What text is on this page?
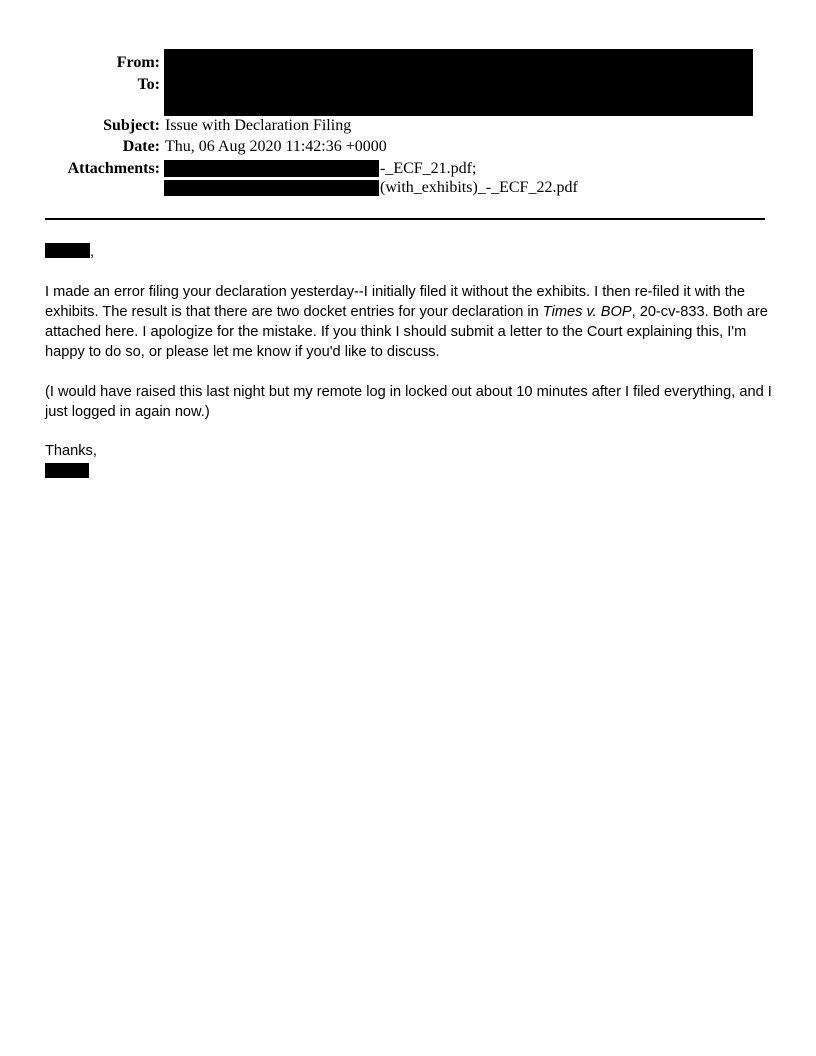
From:
To:
Subject: Issue with Declaration Filing
Date: Thu, 06 Aug 2020 11:42:36 +0000
Attachments:	-_ECF_21.pdf;
(with_exhibits)_-_ECF_22.pdf
,

I made an error filing your declaration yesterday--I initially filed it without the exhibits. I then re-filed it with the exhibits. The result is that there are two docket entries for your declaration in Times v. BOP, 20-cv-833. Both are attached here. I apologize for the mistake. If you think I should submit a letter to the Court explaining this, I'm happy to do so, or please let me know if you'd like to discuss.

(I would have raised this last night but my remote log in locked out about 10 minutes after I filed everything, and I just logged in again now.)

Thanks,
